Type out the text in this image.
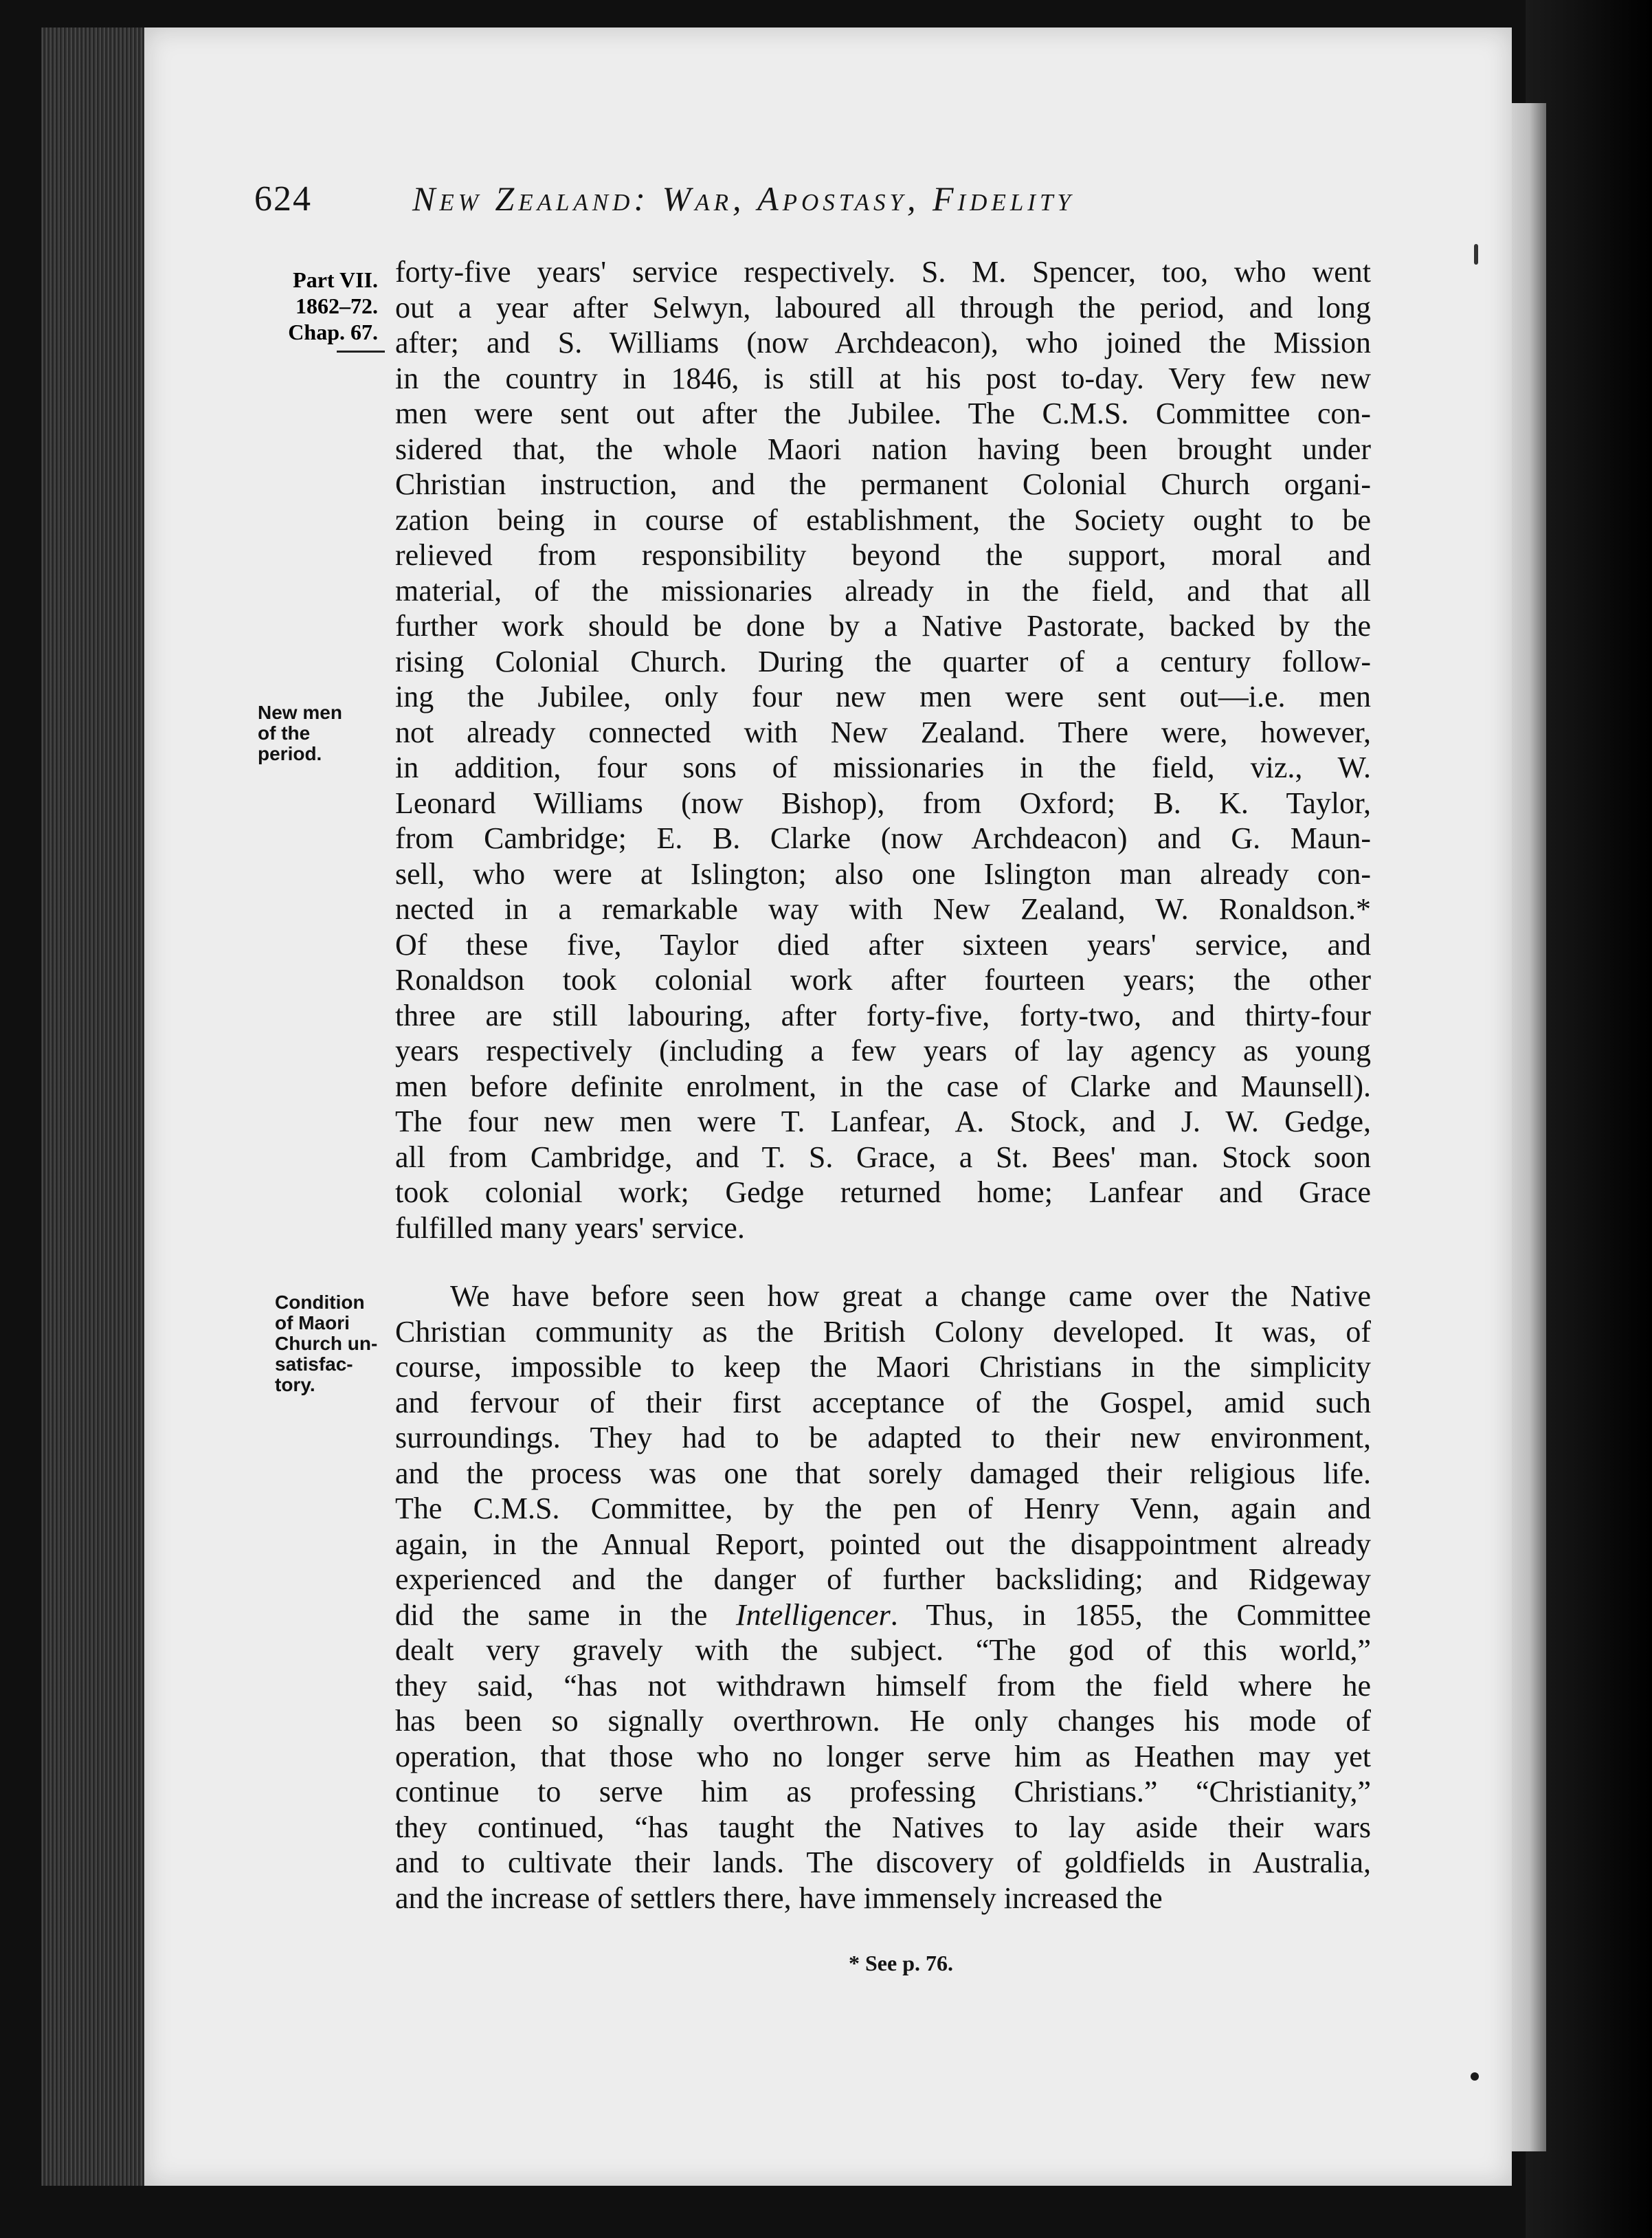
624	New Zealand: War, Apostasy, Fidelity
Part VII.
1862–72.
Chap. 67.
New men
of the
period.
Condition
of Maori
Church un-
satisfac-
tory.
forty-five years' service respectively. S. M. Spencer, too, who went
out a year after Selwyn, laboured all through the period, and long
after; and S. Williams (now Archdeacon), who joined the Mission
in the country in 1846, is still at his post to-day. Very few new
men were sent out after the Jubilee. The C.M.S. Committee con-
sidered that, the whole Maori nation having been brought under
Christian instruction, and the permanent Colonial Church organi-
zation being in course of establishment, the Society ought to be
relieved from responsibility beyond the support, moral and
material, of the missionaries already in the field, and that all
further work should be done by a Native Pastorate, backed by the
rising Colonial Church. During the quarter of a century follow-
ing the Jubilee, only four new men were sent out—i.e. men
not already connected with New Zealand. There were, however,
in addition, four sons of missionaries in the field, viz., W.
Leonard Williams (now Bishop), from Oxford; B. K. Taylor,
from Cambridge; E. B. Clarke (now Archdeacon) and G. Maun-
sell, who were at Islington; also one Islington man already con-
nected in a remarkable way with New Zealand, W. Ronaldson.*
Of these five, Taylor died after sixteen years' service, and
Ronaldson took colonial work after fourteen years; the other
three are still labouring, after forty-five, forty-two, and thirty-four
years respectively (including a few years of lay agency as young
men before definite enrolment, in the case of Clarke and Maunsell).
The four new men were T. Lanfear, A. Stock, and J. W. Gedge,
all from Cambridge, and T. S. Grace, a St. Bees' man. Stock soon
took colonial work; Gedge returned home; Lanfear and Grace
fulfilled many years' service.
We have before seen how great a change came over the Native
Christian community as the British Colony developed. It was, of
course, impossible to keep the Maori Christians in the simplicity
and fervour of their first acceptance of the Gospel, amid such
surroundings. They had to be adapted to their new environment,
and the process was one that sorely damaged their religious life.
The C.M.S. Committee, by the pen of Henry Venn, again and
again, in the Annual Report, pointed out the disappointment already
experienced and the danger of further backsliding; and Ridgeway
did the same in the Intelligencer. Thus, in 1855, the Committee
dealt very gravely with the subject. “The god of this world,”
they said, “has not withdrawn himself from the field where he
has been so signally overthrown. He only changes his mode of
operation, that those who no longer serve him as Heathen may yet
continue to serve him as professing Christians.” “Christianity,”
they continued, “has taught the Natives to lay aside their wars
and to cultivate their lands. The discovery of goldfields in Australia,
and the increase of settlers there, have immensely increased the
* See p. 76.
